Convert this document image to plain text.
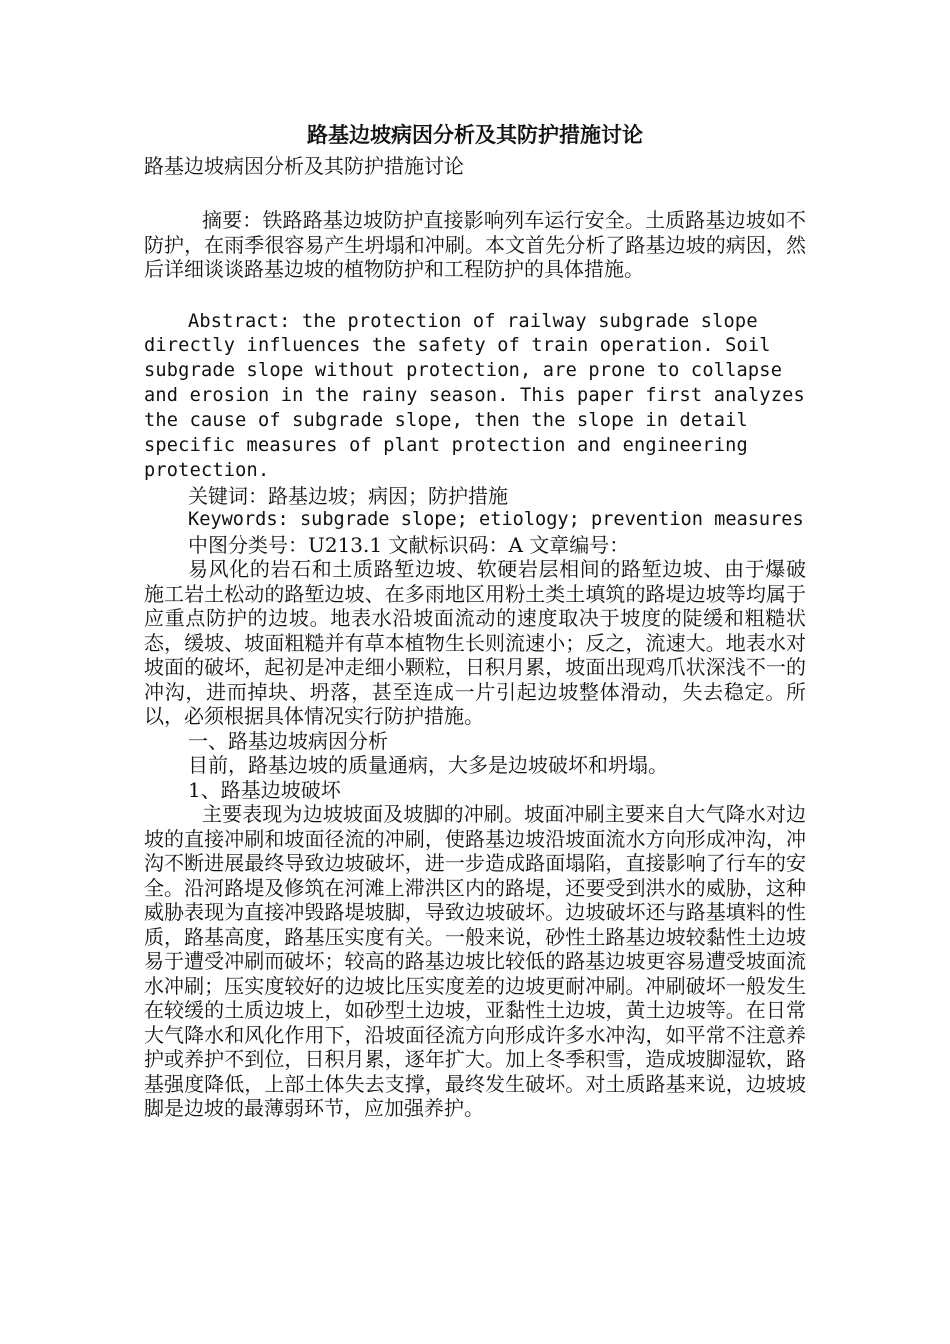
路基边坡病因分析及其防护措施讨论

路基边坡病因分析及其防护措施讨论

摘要：铁路路基边坡防护直接影响列车运行安全。土质路基边坡如不防护，在雨季很容易产生坍塌和冲刷。本文首先分析了路基边坡的病因，然后详细谈谈路基边坡的植物防护和工程防护的具体措施。

Abstract: the protection of railway subgrade slope directly influences the safety of train operation. Soil subgrade slope without protection, are prone to collapse and erosion in the rainy season. This paper first analyzes the cause of subgrade slope, then the slope in detail specific measures of plant protection and engineering protection.

关键词：路基边坡；病因；防护措施

Keywords: subgrade slope; etiology; prevention measures

中图分类号：U213.1 文献标识码：A 文章编号：

易风化的岩石和土质路堑边坡、软硬岩层相间的路堑边坡、由于爆破施工岩土松动的路堑边坡、在多雨地区用粉土类土填筑的路堤边坡等均属于应重点防护的边坡。地表水沿坡面流动的速度取决于坡度的陡缓和粗糙状态，缓坡、坡面粗糙并有草本植物生长则流速小；反之，流速大。地表水对坡面的破坏，起初是冲走细小颗粒，日积月累，坡面出现鸡爪状深浅不一的冲沟，进而掉块、坍落，甚至连成一片引起边坡整体滑动，失去稳定。所以，必须根据具体情况实行防护措施。

一、路基边坡病因分析

目前，路基边坡的质量通病，大多是边坡破坏和坍塌。

1、路基边坡破坏

主要表现为边坡坡面及坡脚的冲刷。坡面冲刷主要来自大气降水对边坡的直接冲刷和坡面径流的冲刷，使路基边坡沿坡面流水方向形成冲沟，冲沟不断进展最终导致边坡破坏，进一步造成路面塌陷，直接影响了行车的安全。沿河路堤及修筑在河滩上滞洪区内的路堤，还要受到洪水的威胁，这种威胁表现为直接冲毁路堤坡脚，导致边坡破坏。边坡破坏还与路基填料的性质，路基高度，路基压实度有关。一般来说，砂性土路基边坡较黏性土边坡易于遭受冲刷而破坏；较高的路基边坡比较低的路基边坡更容易遭受坡面流水冲刷；压实度较好的边坡比压实度差的边坡更耐冲刷。冲刷破坏一般发生在较缓的土质边坡上，如砂型土边坡，亚黏性土边坡，黄土边坡等。在日常大气降水和风化作用下，沿坡面径流方向形成许多水冲沟，如平常不注意养护或养护不到位，日积月累，逐年扩大。加上冬季积雪，造成坡脚湿软，路基强度降低，上部土体失去支撑，最终发生破坏。对土质路基来说，边坡坡脚是边坡的最薄弱环节，应加强养护。
